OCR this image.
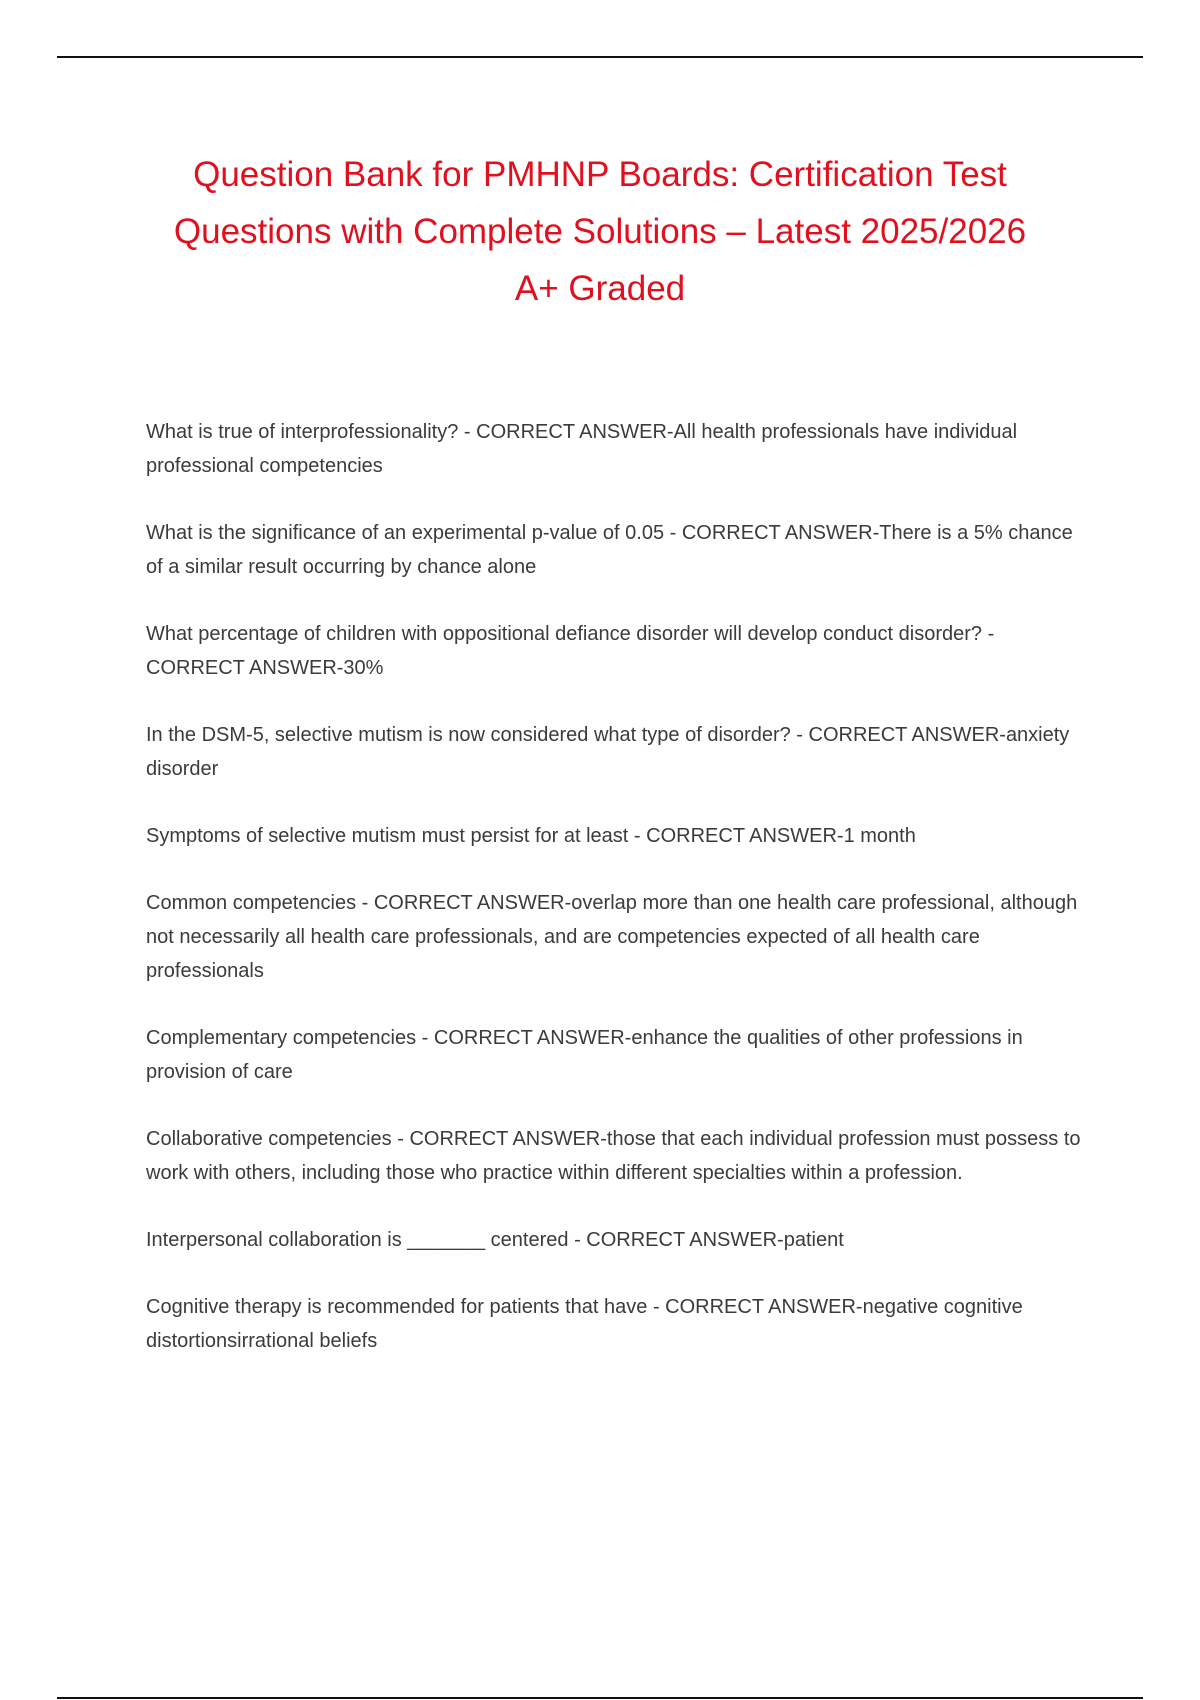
Question Bank for PMHNP Boards: Certification Test
Questions with Complete Solutions – Latest 2025/2026
A+ Graded
What is true of interprofessionality? - CORRECT ANSWER-All health professionals have individual professional competencies
What is the significance of an experimental p-value of 0.05 - CORRECT ANSWER-There is a 5% chance of a similar result occurring by chance alone
What percentage of children with oppositional defiance disorder will develop conduct disorder? - CORRECT ANSWER-30%
In the DSM-5, selective mutism is now considered what type of disorder? - CORRECT ANSWER-anxiety disorder
Symptoms of selective mutism must persist for at least - CORRECT ANSWER-1 month
Common competencies - CORRECT ANSWER-overlap more than one health care professional, although not necessarily all health care professionals, and are competencies expected of all health care professionals
Complementary competencies - CORRECT ANSWER-enhance the qualities of other professions in provision of care
Collaborative competencies - CORRECT ANSWER-those that each individual profession must possess to work with others, including those who practice within different specialties within a profession.
Interpersonal collaboration is _______ centered - CORRECT ANSWER-patient
Cognitive therapy is recommended for patients that have - CORRECT ANSWER-negative cognitive distortionsirrational beliefs
